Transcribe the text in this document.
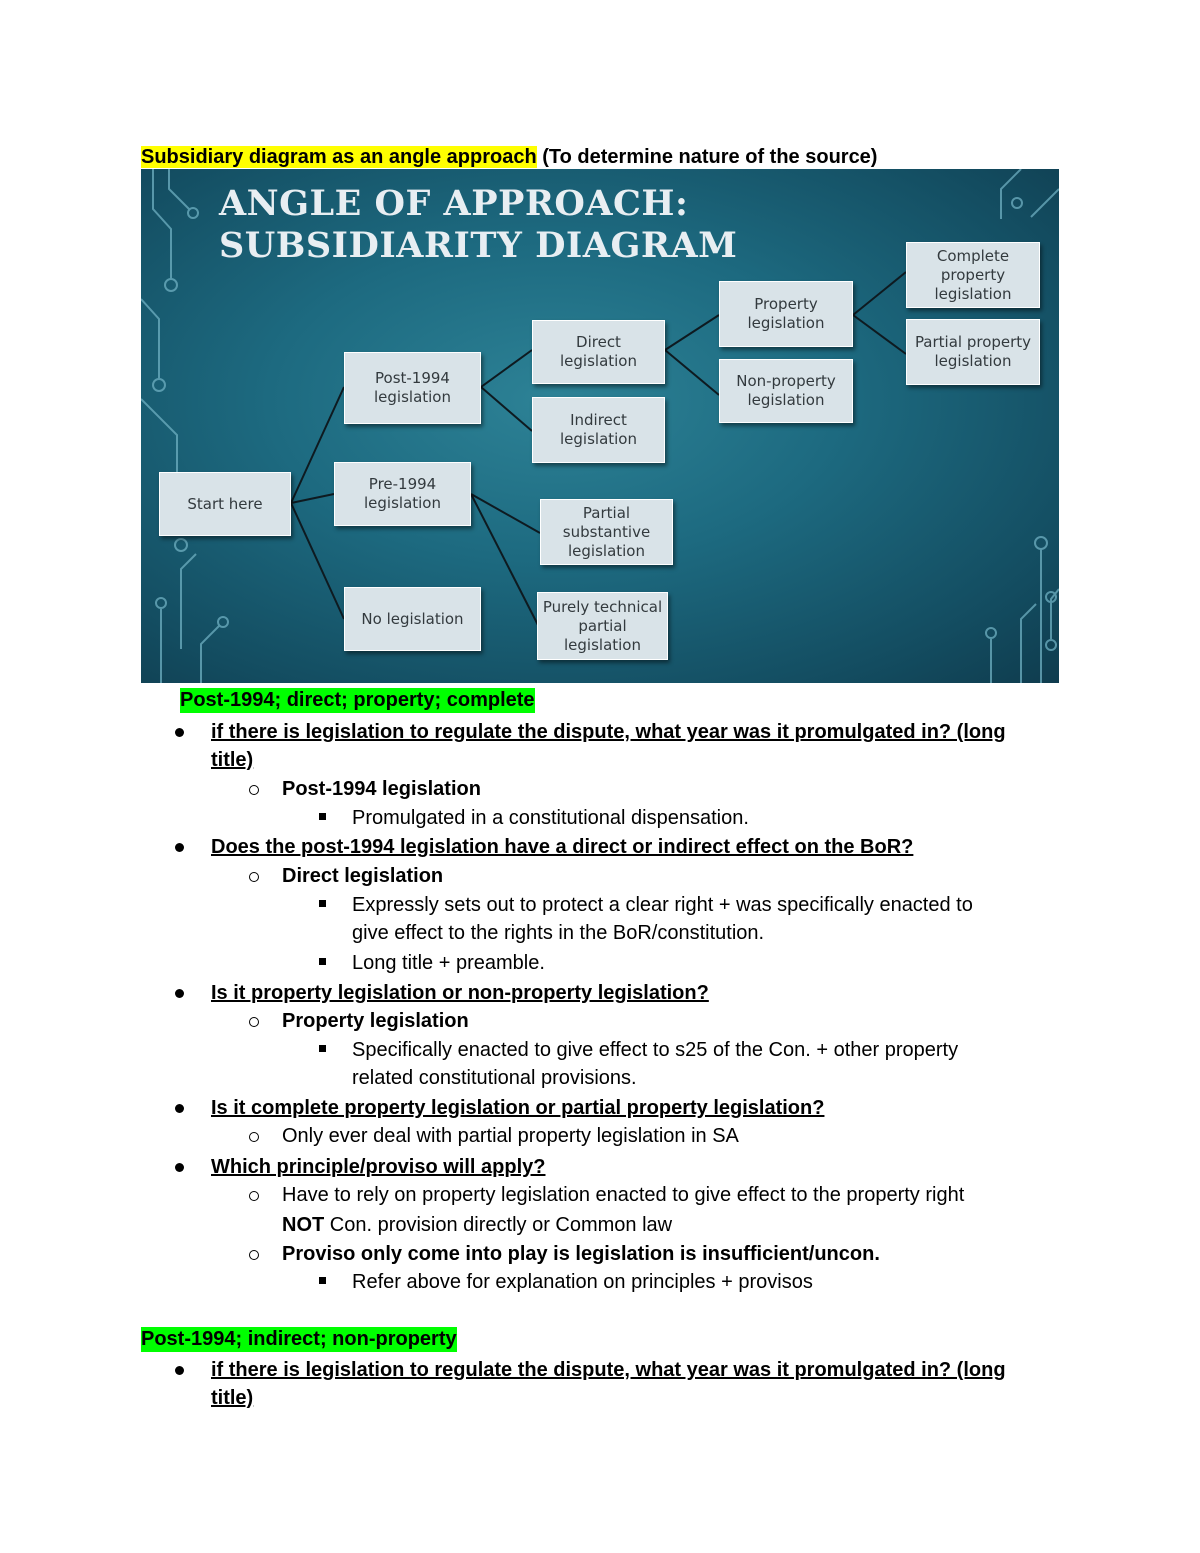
Subsidiary diagram as an angle approach (To determine nature of the source)
ANGLE OF APPROACH:
SUBSIDIARITY DIAGRAM
Start here
Post-1994
legislation
Pre-1994
legislation
No legislation
Direct
legislation
Indirect
legislation
Partial
substantive
legislation
Purely technical
partial
legislation
Property
legislation
Non-property
legislation
Complete
property
legislation
Partial property
legislation
Post-1994; direct; property; complete
if there is legislation to regulate the dispute, what year was it promulgated in? (long
title)
Post-1994 legislation
Promulgated in a constitutional dispensation.
Does the post-1994 legislation have a direct or indirect effect on the BoR?
Direct legislation
Expressly sets out to protect a clear right + was specifically enacted to
give effect to the rights in the BoR/constitution.
Long title + preamble.
Is it property legislation or non-property legislation?
Property legislation
Specifically enacted to give effect to s25 of the Con. + other property
related constitutional provisions.
Is it complete property legislation or partial property legislation?
Only ever deal with partial property legislation in SA
Which principle/proviso will apply?
Have to rely on property legislation enacted to give effect to the property right
NOT Con. provision directly or Common law
Proviso only come into play is legislation is insufficient/uncon.
Refer above for explanation on principles + provisos
Post-1994; indirect; non-property
if there is legislation to regulate the dispute, what year was it promulgated in? (long
title)
